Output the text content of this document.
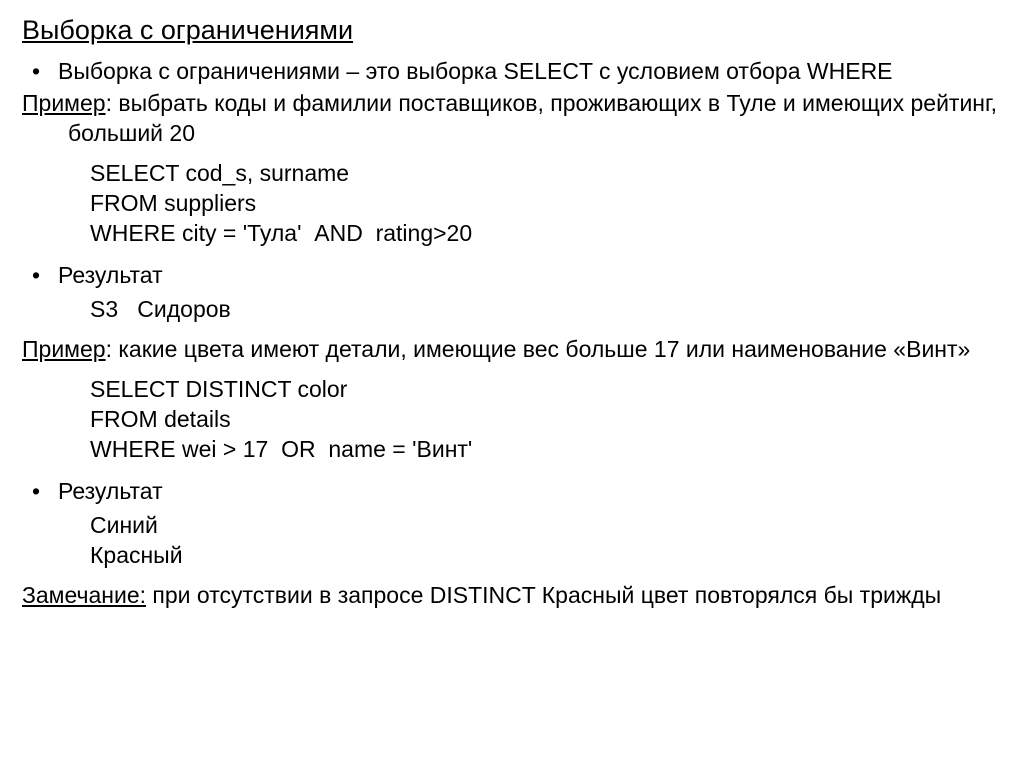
Выборка с ограничениями
• Выборка с ограничениями – это выборка SELECT с условием отбора WHERE

Пример: выбрать коды и фамилии поставщиков, проживающих в Туле и имеющих рейтинг, больший 20

SELECT cod_s, surname
FROM suppliers
WHERE city = 'Тула'  AND  rating>20
• Результат
S3   Сидоров

Пример: какие цвета имеют детали, имеющие вес больше 17 или наименование «Винт»

SELECT DISTINCT color
FROM details
WHERE wei > 17  OR  name = 'Винт'
• Результат
Синий
Красный

Замечание: при отсутствии в запросе DISTINCT Красный цвет повторялся бы трижды
